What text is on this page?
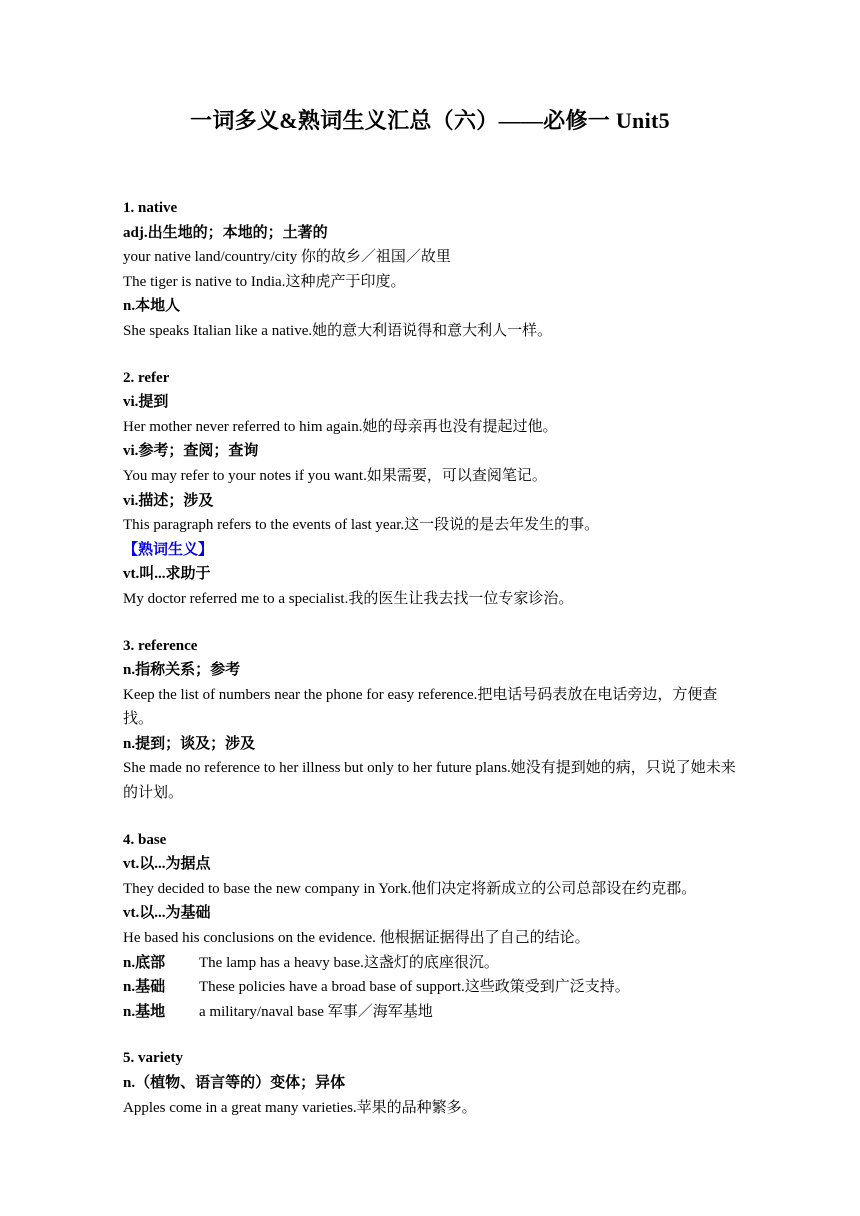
一词多义&熟词生义汇总（六）——必修一 Unit5
1. native
adj.出生地的；本地的；土著的
your native land/country/city 你的故乡／祖国／故里
The tiger is native to India.这种虎产于印度。
n.本地人
She speaks Italian like a native.她的意大利语说得和意大利人一样。
2. refer
vi.提到
Her mother never referred to him again.她的母亲再也没有提起过他。
vi.参考；查阅；查询
You may refer to your notes if you want.如果需要，可以查阅笔记。
vi.描述；涉及
This paragraph refers to the events of last year.这一段说的是去年发生的事。
【熟词生义】
vt.叫...求助于
My doctor referred me to a specialist.我的医生让我去找一位专家诊治。
3. reference
n.指称关系；参考
Keep the list of numbers near the phone for easy reference.把电话号码表放在电话旁边，方便查找。
n.提到；谈及；涉及
She made no reference to her illness but only to her future plans.她没有提到她的病，只说了她未来的计划。
4. base
vt.以...为据点
They decided to base the new company in York.他们决定将新成立的公司总部设在约克郡。
vt.以...为基础
He based his conclusions on the evidence. 他根据证据得出了自己的结论。
n.底部	The lamp has a heavy base.这盏灯的底座很沉。
n.基础	These policies have a broad base of support.这些政策受到广泛支持。
n.基地	a military/naval base 军事／海军基地
5. variety
n.（植物、语言等的）变体；异体
Apples come in a great many varieties.苹果的品种繁多。
